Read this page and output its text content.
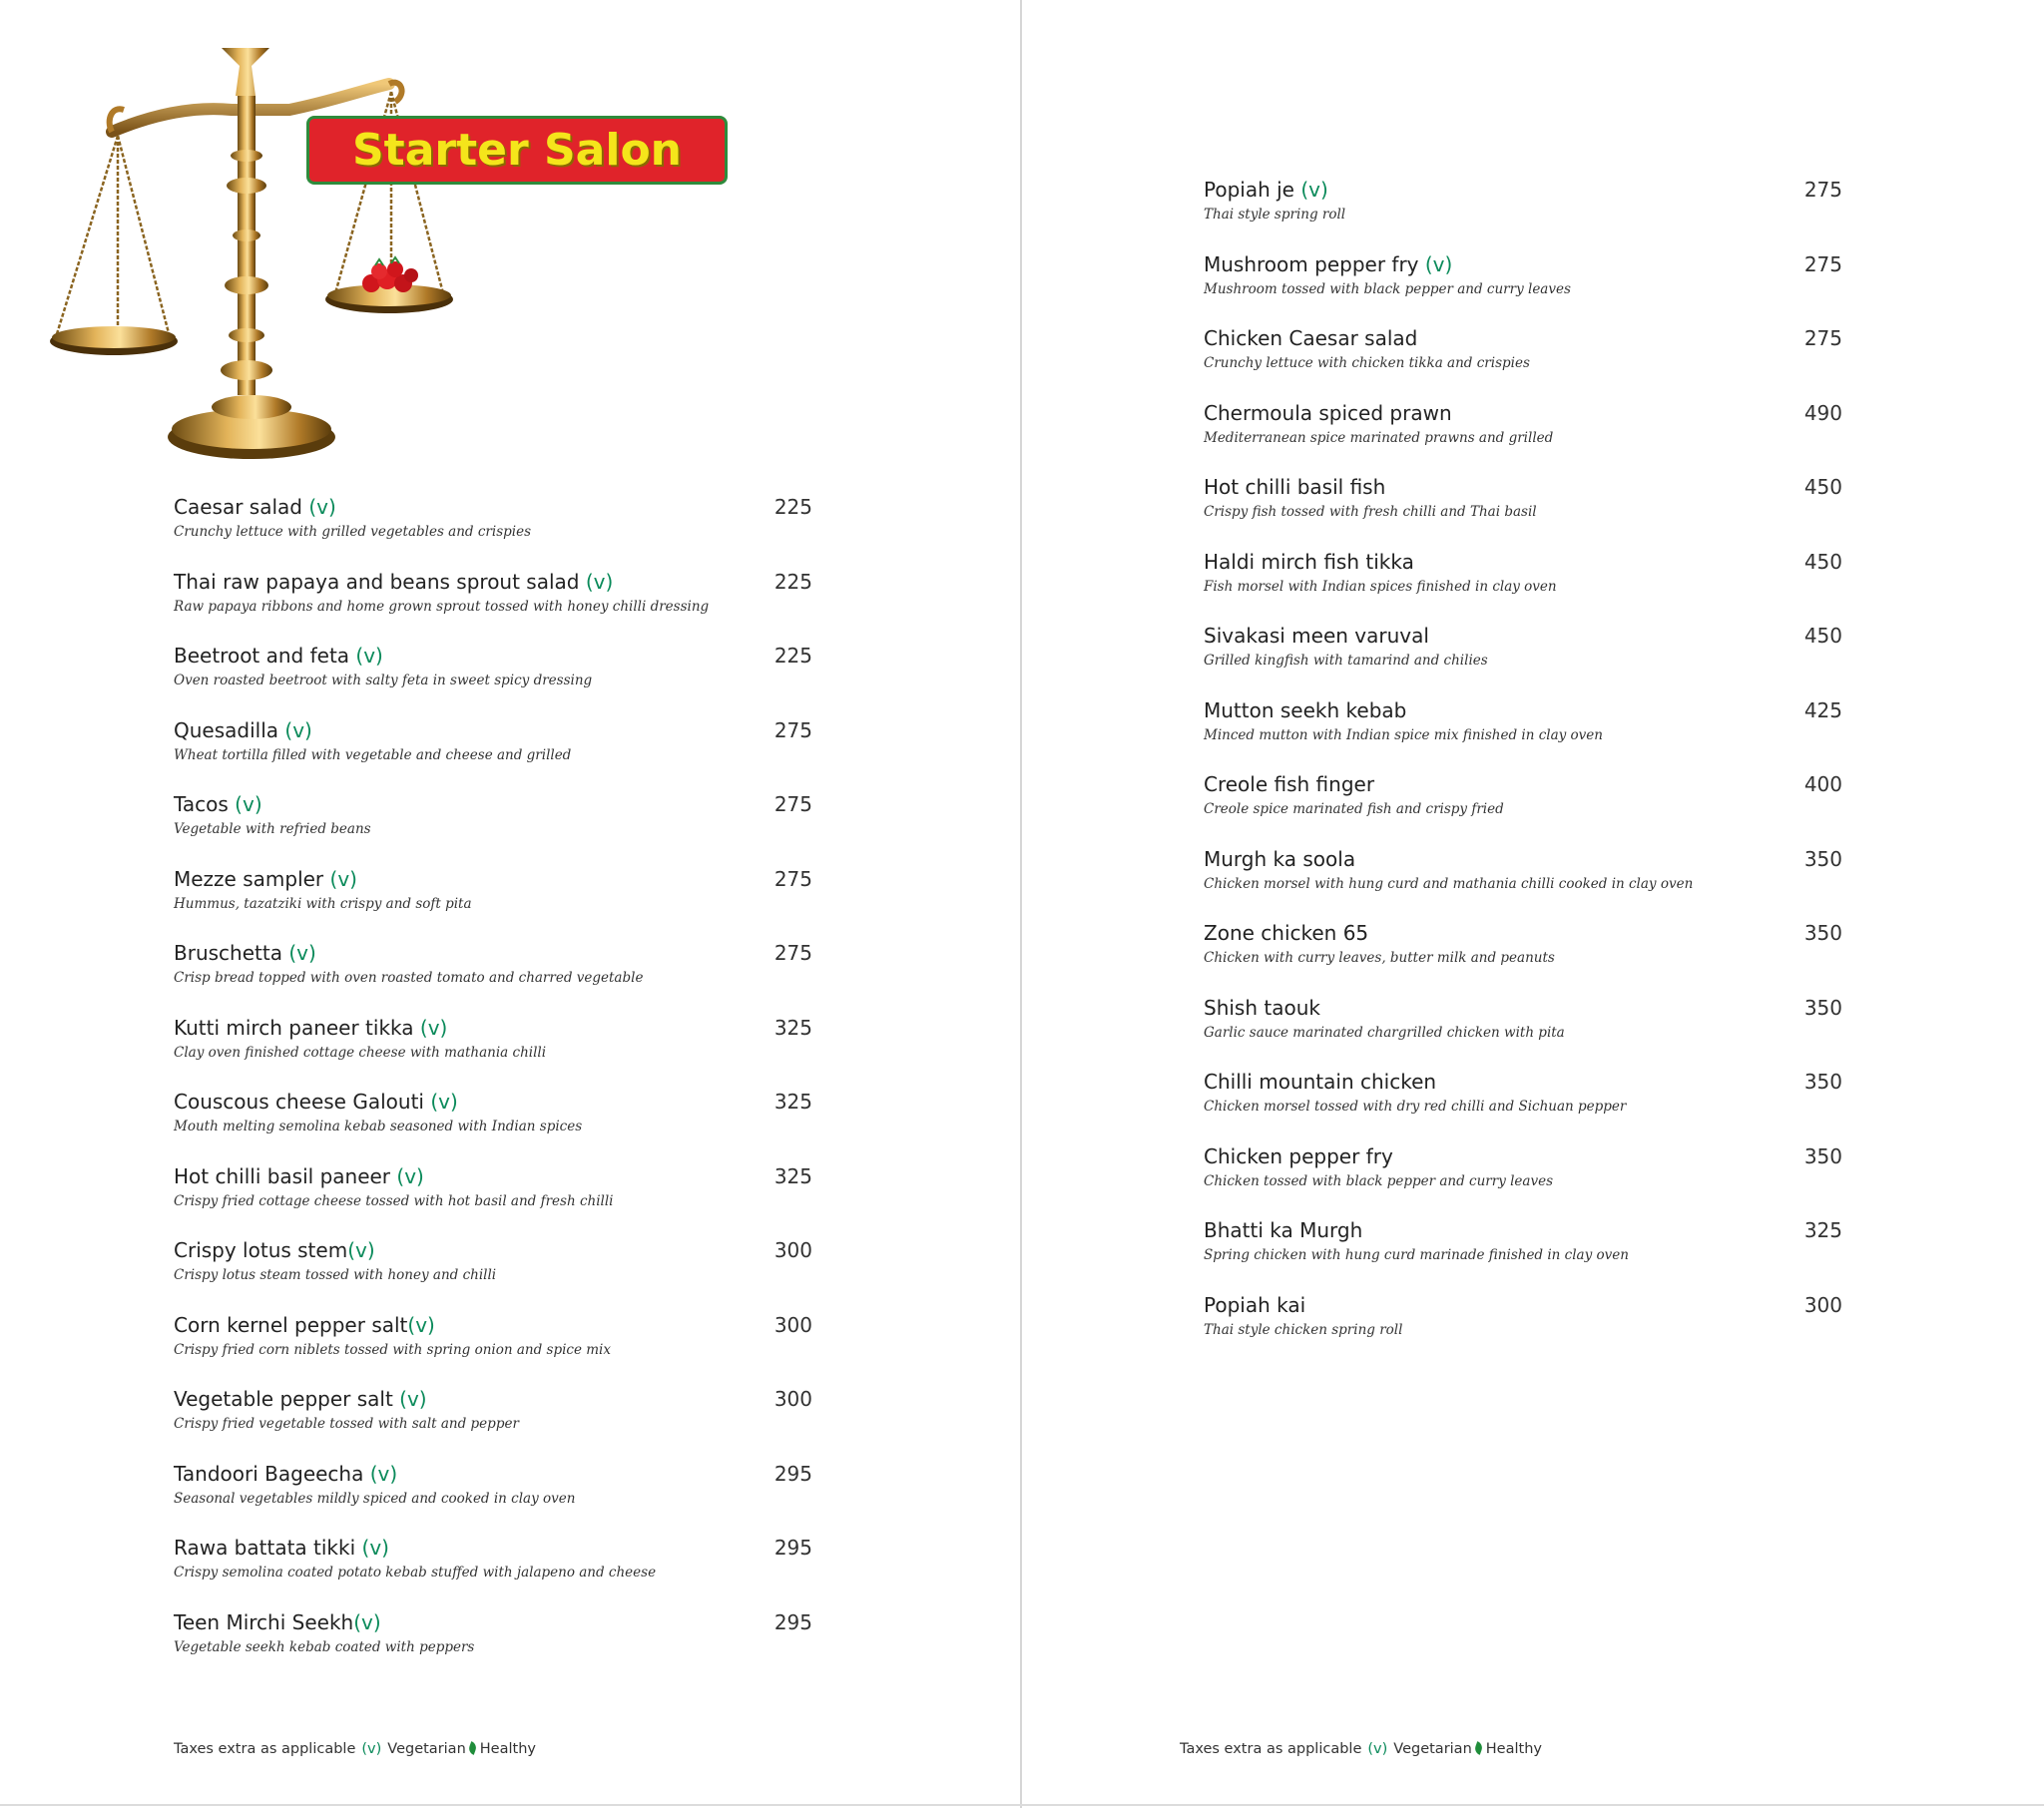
Starter Salon
Caesar salad (v)
Crunchy lettuce with grilled vegetables and crispies
225
Thai raw papaya and beans sprout salad (v)
Raw papaya ribbons and home grown sprout tossed with honey chilli dressing
225
Beetroot and feta (v)
Oven roasted beetroot with salty feta in sweet spicy dressing
225
Quesadilla (v)
Wheat tortilla filled with vegetable and cheese and grilled
275
Tacos (v)
Vegetable with refried beans
275
Mezze sampler (v)
Hummus, tazatziki with crispy and soft pita
275
Bruschetta (v)
Crisp bread topped with oven roasted tomato and charred vegetable
275
Kutti mirch paneer tikka (v)
Clay oven finished cottage cheese with mathania chilli
325
Couscous cheese Galouti (v)
Mouth melting semolina kebab seasoned with Indian spices
325
Hot chilli basil paneer (v)
Crispy fried cottage cheese tossed with hot basil and fresh chilli
325
Crispy lotus stem(v)
Crispy lotus steam tossed with honey and chilli
300
Corn kernel pepper salt(v)
Crispy fried corn niblets tossed with spring onion and spice mix
300
Vegetable pepper salt (v)
Crispy fried vegetable tossed with salt and pepper
300
Tandoori Bageecha (v)
Seasonal vegetables mildly spiced and cooked in clay oven
295
Rawa battata tikki (v)
Crispy semolina coated potato kebab stuffed with jalapeno and cheese
295
Teen Mirchi Seekh(v)
Vegetable seekh kebab coated with peppers
295
Taxes extra as applicable (v) Vegetarian Healthy
Popiah je (v)
Thai style spring roll
275
Mushroom pepper fry (v)
Mushroom tossed with black pepper and curry leaves
275
Chicken Caesar salad
Crunchy lettuce with chicken tikka and crispies
275
Chermoula spiced prawn
Mediterranean spice marinated prawns and grilled
490
Hot chilli basil fish
Crispy fish tossed with fresh chilli and Thai basil
450
Haldi mirch fish tikka
Fish morsel with Indian spices finished in clay oven
450
Sivakasi meen varuval
Grilled kingfish with tamarind and chilies
450
Mutton seekh kebab
Minced mutton with Indian spice mix finished in clay oven
425
Creole fish finger
Creole spice marinated fish and crispy fried
400
Murgh ka soola
Chicken morsel with hung curd and mathania chilli cooked in clay oven
350
Zone chicken 65
Chicken with curry leaves, butter milk and peanuts
350
Shish taouk
Garlic sauce marinated chargrilled chicken with pita
350
Chilli mountain chicken
Chicken morsel tossed with dry red chilli and Sichuan pepper
350
Chicken pepper fry
Chicken tossed with black pepper and curry leaves
350
Bhatti ka Murgh
Spring chicken with hung curd marinade finished in clay oven
325
Popiah kai
Thai style chicken spring roll
300
Taxes extra as applicable (v) Vegetarian Healthy
